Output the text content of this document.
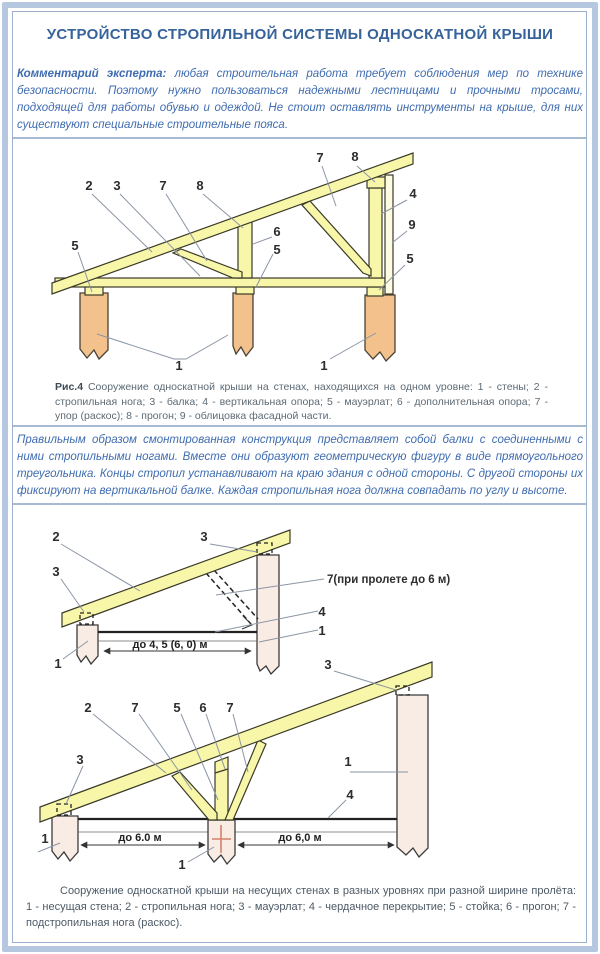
УСТРОЙСТВО СТРОПИЛЬНОЙ СИСТЕМЫ ОДНОСКАТНОЙ КРЫШИ
Комментарий эксперта: любая строительная работа требует соблюдения мер по технике безопасности. Поэтому нужно пользоваться надежными лестницами и прочными тросами, подходящей для работы обувью и одеждой. Не стоит оставлять инструменты на крыше, для них существуют специальные строительные пояса.
2 3	7 8
7 8
4
9
5
5
6
5
1	1
Рис.4 Сооружение односкатной крыши на стенах, находящихся на одном уровне: 1 - стены; 2 - стропильная нога; 3 - балка; 4 - вертикальная опора; 5 - мауэрлат; 6 - дополнительная опора; 7 - упор (раскос); 8 - прогон; 9 - облицовка фасадной части.
Правильным образом смонтированная конструкция представляет собой балки с соединенными с ними стропильными ногами. Вместе они образуют геометрическую фигуру в виде прямоугольного треугольника. Концы стропил устанавливают на краю здания с одной стороны. С другой стороны их фиксируют на вертикальной балке. Каждая стропильная нога должна совпадать по углу и высоте.
до 4, 5 (6, 0) м
2
3
3
1
7(при пролете до 6 м)
4
1
до 6.0 м	до 6,0 м
2	7	5 6 7
3
3
1
4
1
1
Сооружение односкатной крыши на несущих стенах в разных уровнях при разной ширине пролёта: 1 - несущая стена; 2 - стропильная нога; 3 - мауэрлат; 4 - чердачное перекрытие; 5 - стойка; 6 - прогон; 7 - подстропильная нога (раскос).
